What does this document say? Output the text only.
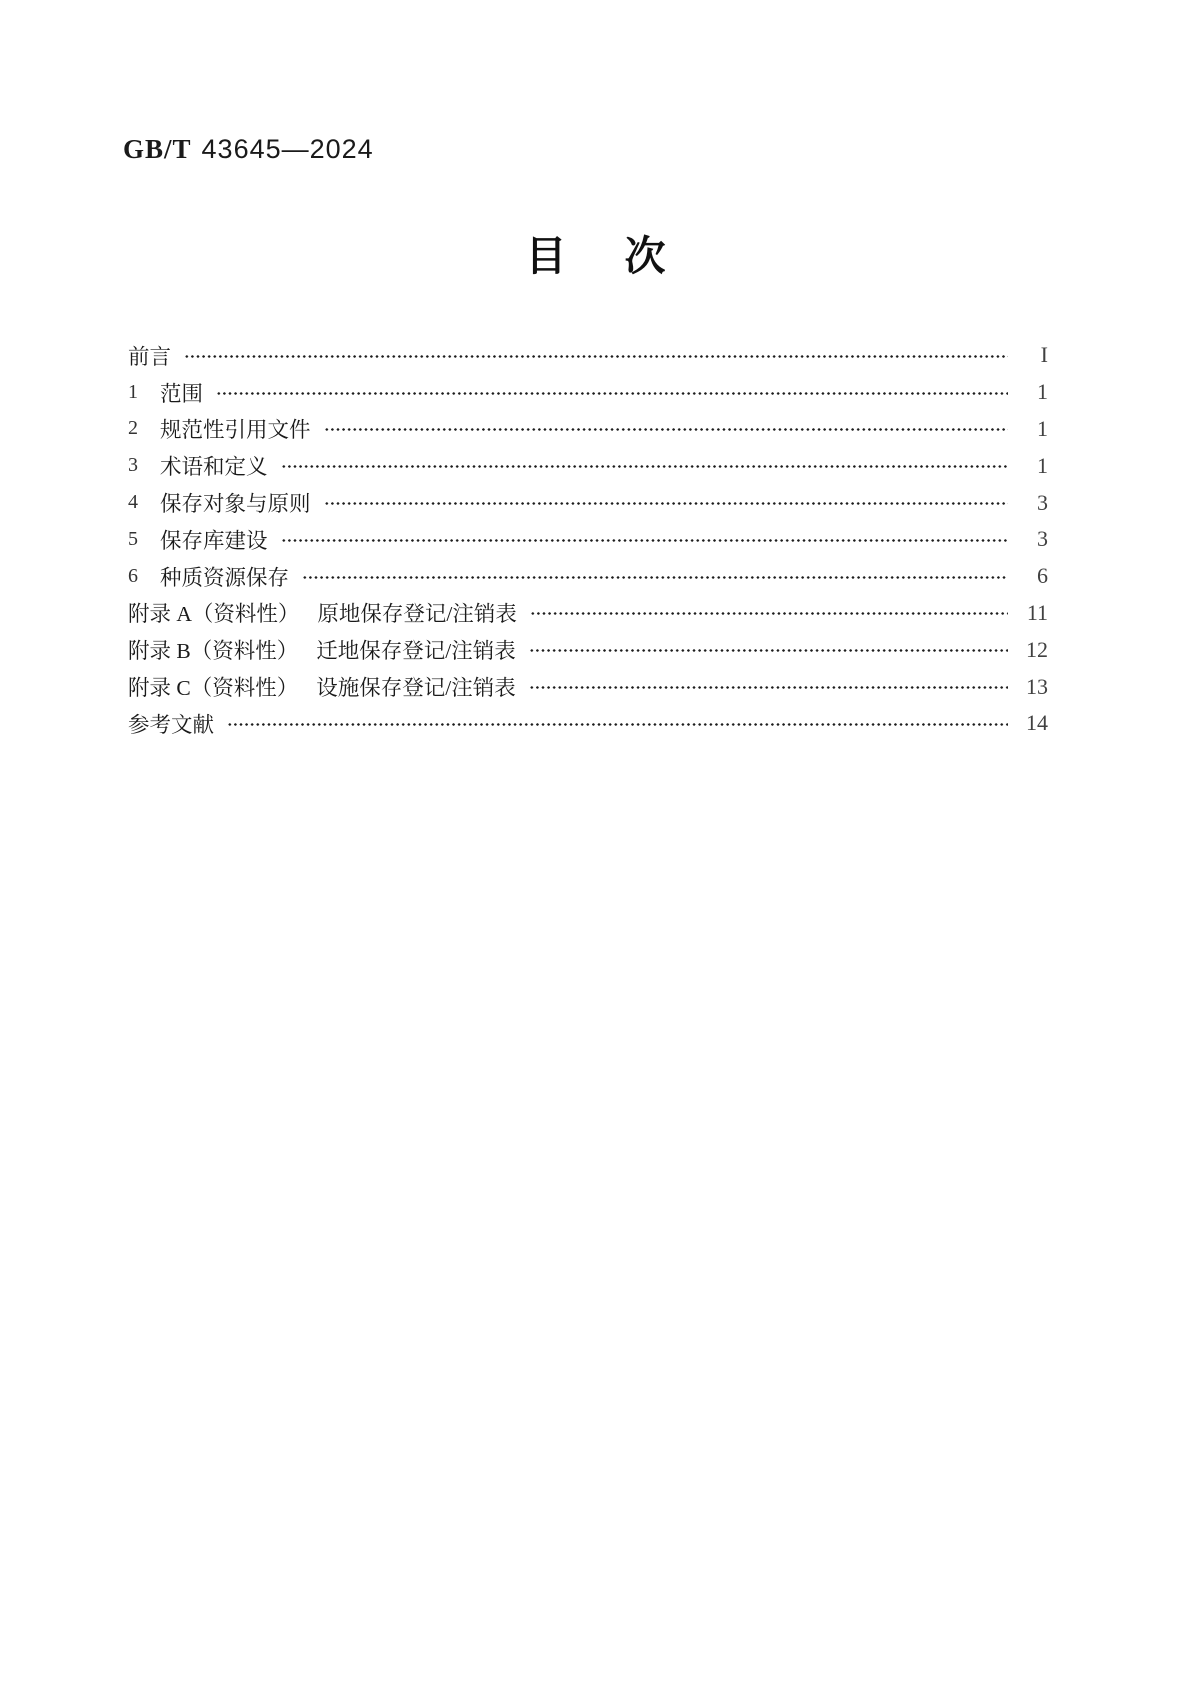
GB/T 43645—2024
目 次
前言	I
1	范围	1
2	规范性引用文件	1
3	术语和定义	1
4	保存对象与原则	3
5	保存库建设	3
6	种质资源保存	6
附录 A（资料性） 原地保存登记/注销表	11
附录 B（资料性） 迁地保存登记/注销表	12
附录 C（资料性） 设施保存登记/注销表	13
参考文献	14
